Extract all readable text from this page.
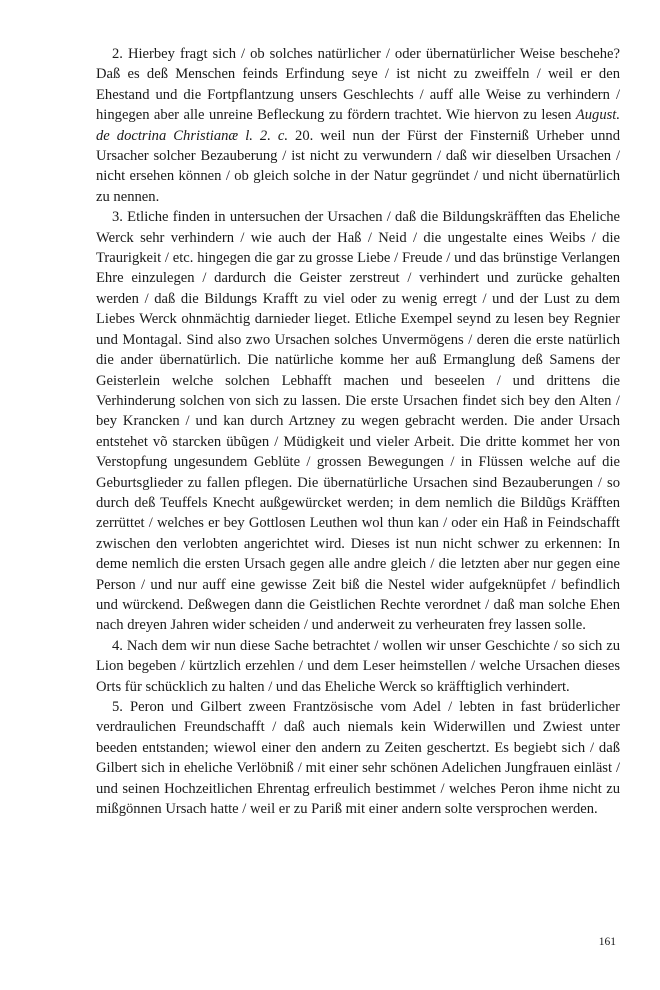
2. Hierbey fragt sich / ob solches natürlicher / oder übernatürlicher Weise beschehe? Daß es deß Menschen feinds Erfindung seye / ist nicht zu zweiffeln / weil er den Ehestand und die Fortpflantzung unsers Geschlechts / auff alle Weise zu verhindern / hingegen aber alle unreine Befleckung zu fördern trachtet. Wie hiervon zu lesen August. de doctrina Christianæ l. 2. c. 20. weil nun der Fürst der Finsterniß Urheber unnd Ursacher solcher Bezauberung / ist nicht zu verwundern / daß wir dieselben Ursachen / nicht ersehen können / ob gleich solche in der Natur gegründet / und nicht übernatürlich zu nennen.

3. Etliche finden in untersuchen der Ursachen / daß die Bildungskräfften das Eheliche Werck sehr verhindern / wie auch der Haß / Neid / die ungestalte eines Weibs / die Traurigkeit / etc. hingegen die gar zu grosse Liebe / Freude / und das brünstige Verlangen Ehre einzulegen / dardurch die Geister zerstreut / verhindert und zurücke gehalten werden / daß die Bildungs Krafft zu viel oder zu wenig erregt / und der Lust zu dem Liebes Werck ohnmächtig darnieder lieget. Etliche Exempel seynd zu lesen bey Regnier und Montagal. Sind also zwo Ursachen solches Unvermögens / deren die erste natürlich die ander übernatürlich. Die natürliche komme her auß Ermanglung deß Samens der Geisterlein welche solchen Lebhafft machen und beseelen / und drittens die Verhinderung solchen von sich zu lassen. Die erste Ursachen findet sich bey den Alten / bey Krancken / und kan durch Artzney zu wegen gebracht werden. Die ander Ursach entstehet võ starcken übũgen / Müdigkeit und vieler Arbeit. Die dritte kommet her von Verstopfung ungesundem Geblüte / grossen Bewegungen / in Flüssen welche auf die Geburtsglieder zu fallen pflegen. Die übernatürliche Ursachen sind Bezauberungen / so durch deß Teuffels Knecht außgewürcket werden; in dem nemlich die Bildũgs Kräfften zerrüttet / welches er bey Gottlosen Leuthen wol thun kan / oder ein Haß in Feindschafft zwischen den verlobten angerichtet wird. Dieses ist nun nicht schwer zu erkennen: In deme nemlich die ersten Ursach gegen alle andre gleich / die letzten aber nur gegen eine Person / und nur auff eine gewisse Zeit biß die Nestel wider aufgeknüpfet / befindlich und würckend. Deßwegen dann die Geistlichen Rechte verordnet / daß man solche Ehen nach dreyen Jahren wider scheiden / und anderweit zu verheuraten frey lassen solle.

4. Nach dem wir nun diese Sache betrachtet / wollen wir unser Geschichte / so sich zu Lion begeben / kürtzlich erzehlen / und dem Leser heimstellen / welche Ursachen dieses Orts für schücklich zu halten / und das Eheliche Werck so kräfftiglich verhindert.

5. Peron und Gilbert zween Frantzösische vom Adel / lebten in fast brüderlicher verdraulichen Freundschafft / daß auch niemals kein Widerwillen und Zwiest unter beeden entstanden; wiewol einer den andern zu Zeiten geschertzt. Es begiebt sich / daß Gilbert sich in eheliche Verlöbniß / mit einer sehr schönen Adelichen Jungfrauen einläst / und seinen Hochzeitlichen Ehrentag erfreulich bestimmet / welches Peron ihme nicht zu mißgönnen Ursach hatte / weil er zu Pariß mit einer andern solte versprochen werden.

161
